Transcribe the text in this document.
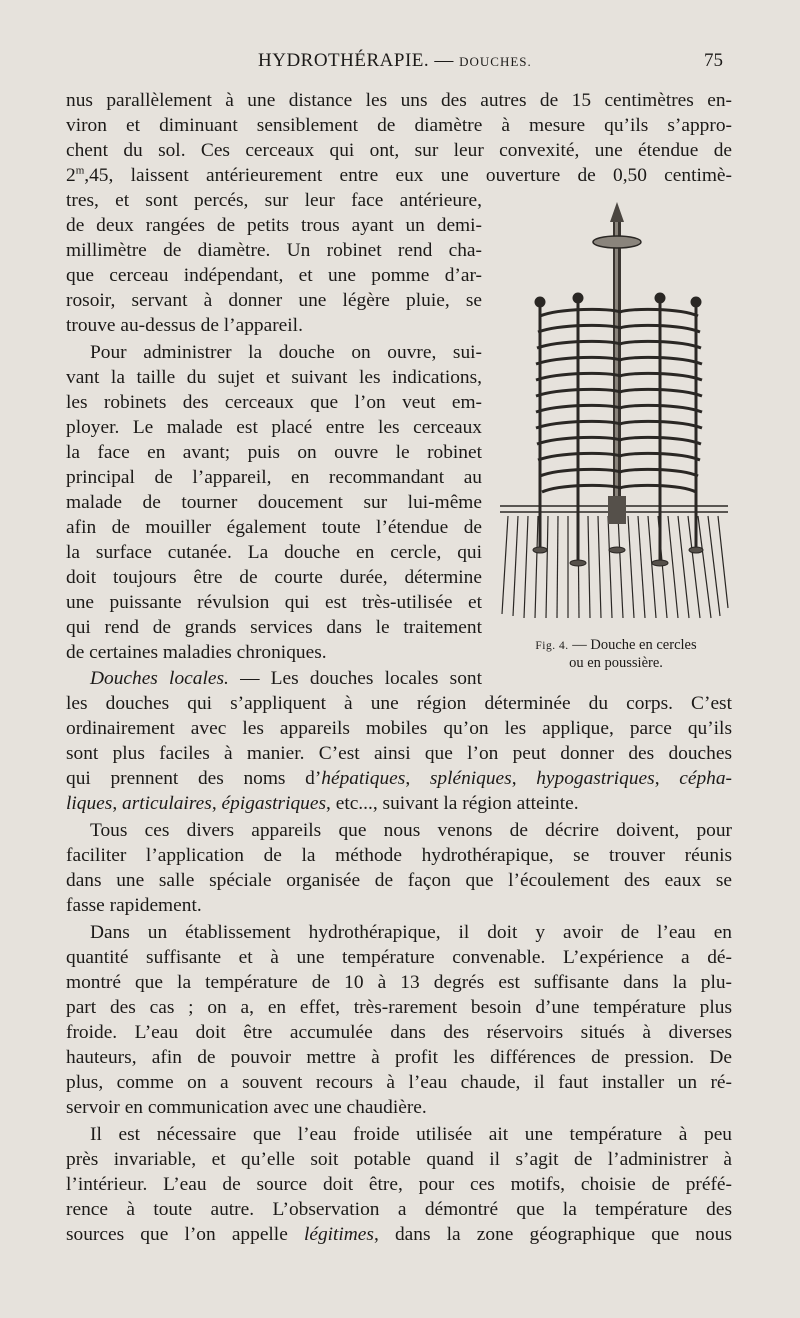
HYDROTHÉRAPIE. — DOUCHES.	75
nus parallèlement à une distance les uns des autres de 15 centimètres en-
viron et diminuant sensiblement de diamètre à mesure qu’ils s’appro-
chent du sol. Ces cerceaux qui ont, sur leur convexité, une étendue de
2$^m$,45, laissent antérieurement entre eux une ouverture de 0,50 centimè-
tres, et sont percés, sur leur face antérieure,
de deux rangées de petits trous ayant un demi-
millimètre de diamètre. Un robinet rend cha-
que cerceau indépendant, et une pomme d’ar-
rosoir, servant à donner une légère pluie, se
trouve au-dessus de l’appareil.
Pour administrer la douche on ouvre, sui-
vant la taille du sujet et suivant les indications,
les robinets des cerceaux que l’on veut em-
ployer. Le malade est placé entre les cerceaux
la face en avant; puis on ouvre le robinet
principal de l’appareil, en recommandant au
malade de tourner doucement sur lui-même
afin de mouiller également toute l’étendue de
la surface cutanée. La douche en cercle, qui
doit toujours être de courte durée, détermine
une puissante révulsion qui est très-utilisée et
qui rend de grands services dans le traitement
de certaines maladies chroniques.
Douches locales. — Les douches locales sont
Fig. 4. — Douche en cercles
ou en poussière.
les douches qui s’appliquent à une région déterminée du corps. C’est
ordinairement avec les appareils mobiles qu’on les applique, parce qu’ils
sont plus faciles à manier. C’est ainsi que l’on peut donner des douches
qui prennent des noms d’hépatiques, spléniques, hypogastriques, cépha-
liques, articulaires, épigastriques, etc..., suivant la région atteinte.
Tous ces divers appareils que nous venons de décrire doivent, pour
faciliter l’application de la méthode hydrothérapique, se trouver réunis
dans une salle spéciale organisée de façon que l’écoulement des eaux se
fasse rapidement.
Dans un établissement hydrothérapique, il doit y avoir de l’eau en
quantité suffisante et à une température convenable. L’expérience a dé-
montré que la température de 10 à 13 degrés est suffisante dans la plu-
part des cas ; on a, en effet, très-rarement besoin d’une température plus
froide. L’eau doit être accumulée dans des réservoirs situés à diverses
hauteurs, afin de pouvoir mettre à profit les différences de pression. De
plus, comme on a souvent recours à l’eau chaude, il faut installer un ré-
servoir en communication avec une chaudière.
Il est nécessaire que l’eau froide utilisée ait une température à peu
près invariable, et qu’elle soit potable quand il s’agit de l’administrer à
l’intérieur. L’eau de source doit être, pour ces motifs, choisie de préfé-
rence à toute autre. L’observation a démontré que la température des
sources que l’on appelle légitimes, dans la zone géographique que nous
